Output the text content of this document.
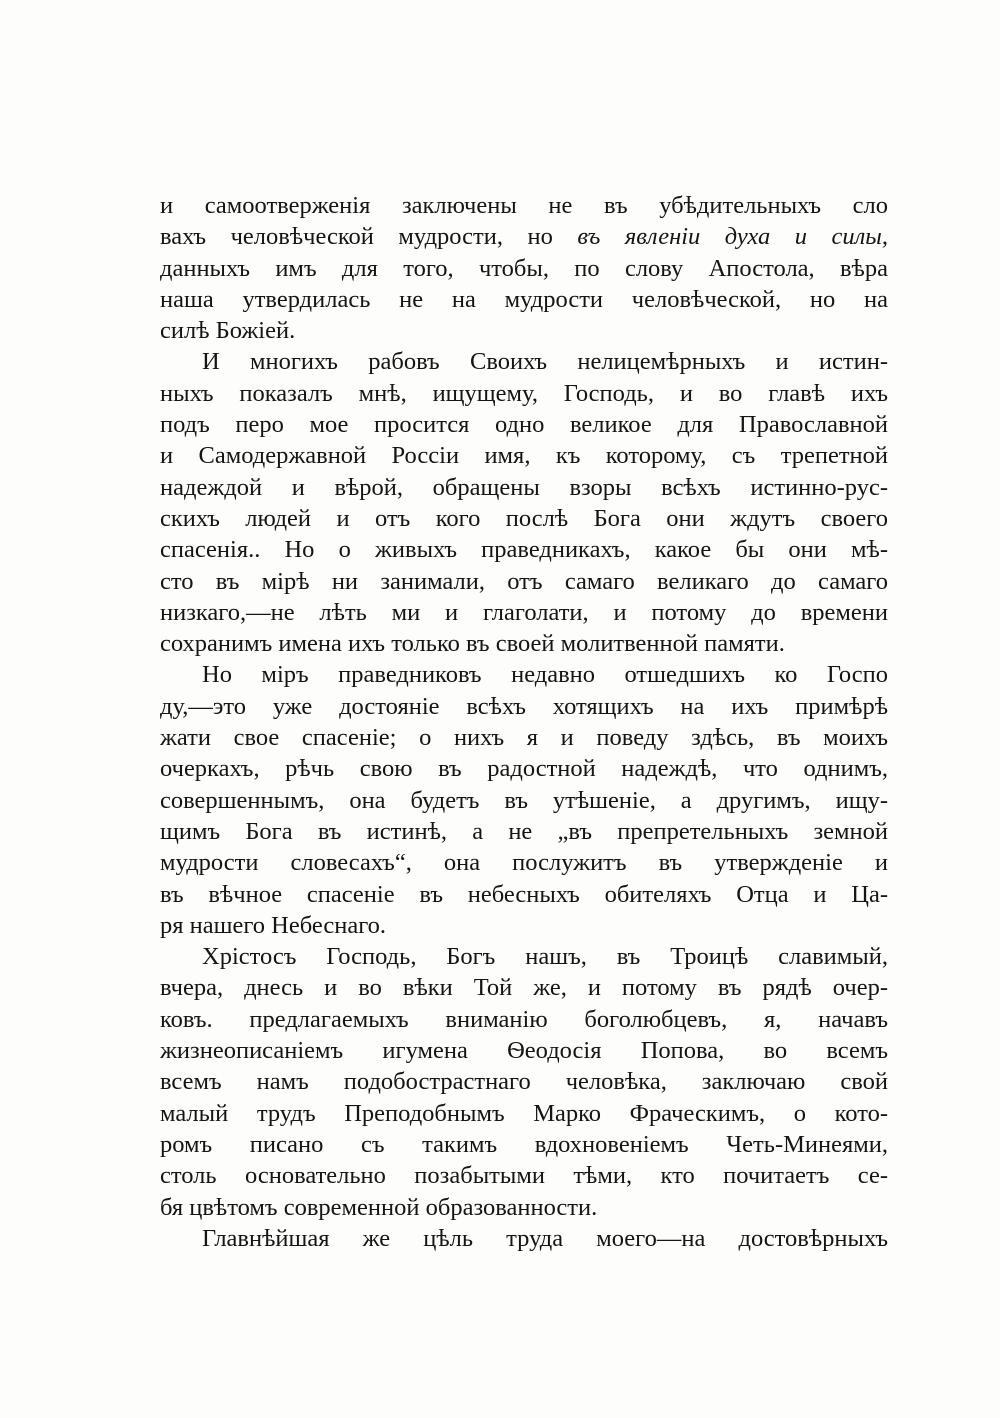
и самоотверженія заключены не въ убѣдительныхъ сло
вахъ человѣческой мудрости, но въ явленіи духа и силы,
данныхъ имъ для того, чтобы, по слову Апостола, вѣра
наша утвердилась не на мудрости человѣческой, но на
силѣ Божіей.
И многихъ рабовъ Своихъ нелицемѣрныхъ и истин-
ныхъ показалъ мнѣ, ищущему, Господь, и во главѣ ихъ
подъ перо мое просится одно великое для Православной
и Самодержавной Россіи имя, къ которому, съ трепетной
надеждой и вѣрой, обращены взоры всѣхъ истинно-рус-
скихъ людей и отъ кого послѣ Бога они ждутъ своего
спасенія.. Но о живыхъ праведникахъ, какое бы они мѣ-
сто въ мірѣ ни занимали, отъ самаго великаго до самаго
низкаго,—не лѣть ми и глаголати, и потому до времени
сохранимъ имена ихъ только въ своей молитвенной памяти.
Но міръ праведниковъ недавно отшедшихъ ко Госпо
ду,—это уже достояніе всѣхъ хотящихъ на ихъ примѣрѣ
жати свое спасеніе; о нихъ я и поведу здѣсь, въ моихъ
очеркахъ, рѣчь свою въ радостной надеждѣ, что однимъ,
совершеннымъ, она будетъ въ утѣшеніе, а другимъ, ищу-
щимъ Бога въ истинѣ, а не „въ препретельныхъ земной
мудрости словесахъ“, она послужитъ въ утвержденіе и
въ вѣчное спасеніе въ небесныхъ обителяхъ Отца и Ца-
ря нашего Небеснаго.
Хрістосъ Господь, Богъ нашъ, въ Троицѣ славимый,
вчера, днесь и во вѣки Той же, и потому въ рядѣ очер-
ковъ. предлагаемыхъ вниманію боголюбцевъ, я, начавъ
жизнеописаніемъ игумена Ѳеодосія Попова, во всемъ
всемъ намъ подобострастнаго человѣка, заключаю свой
малый трудъ Преподобнымъ Марко Фраческимъ, о кото-
ромъ писано съ такимъ вдохновеніемъ Четь-Минеями,
столь основательно позабытыми тѣми, кто почитаетъ се-
бя цвѣтомъ современной образованности.
Главнѣйшая же цѣль труда моего—на достовѣрныхъ
